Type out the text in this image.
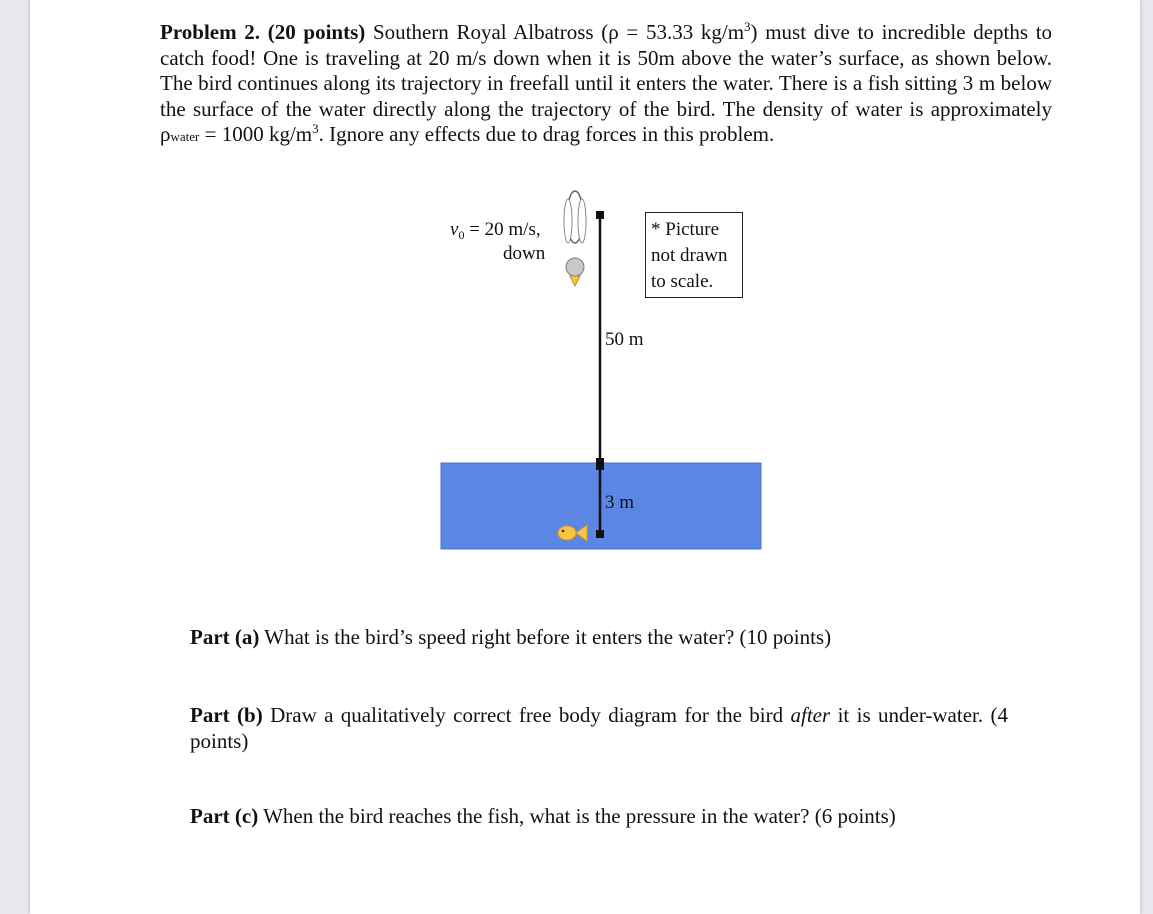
Problem 2. (20 points) Southern Royal Albatross (ρ = 53.33 $kg/m^3$) must dive to incredible depths to catch food! One is traveling at 20 m/s down when it is 50m above the water’s surface, as shown below. The bird continues along its trajectory in freefall until it enters the water. There is a fish sitting 3 m below the surface of the water directly along the trajectory of the bird. The density of water is approximately ρwater = 1000 $kg/m^3$. Ignore any effects due to drag forces in this problem.
$v_0 = 20$ m/s,
down
50 m
3 m
* Picture
not drawn
to scale.
Part (a) What is the bird’s speed right before it enters the water? (10 points)
Part (b) Draw a qualitatively correct free body diagram for the bird after it is under-water. (4 points)
Part (c) When the bird reaches the fish, what is the pressure in the water? (6 points)
